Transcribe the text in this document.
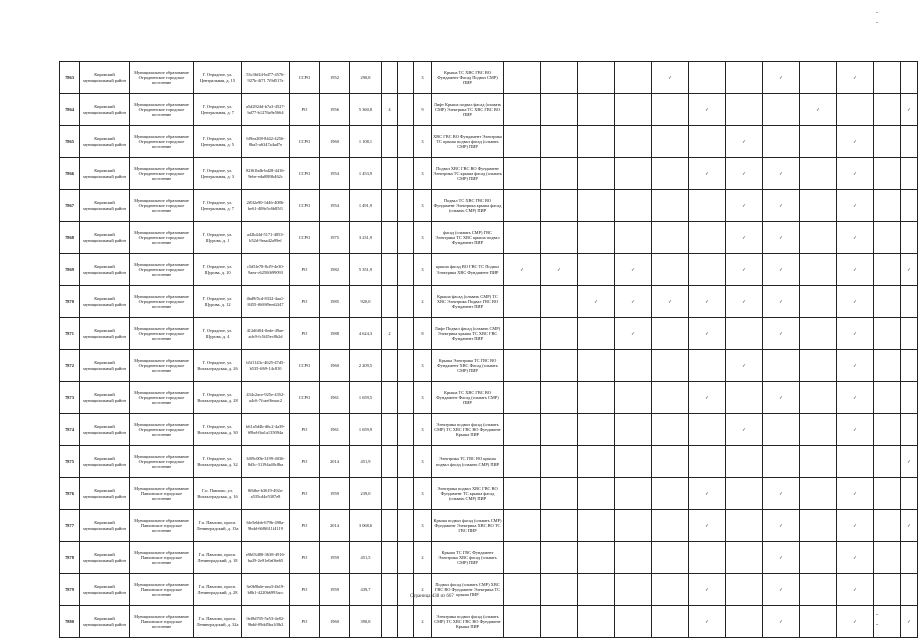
-
-
-
-
7863	Кировский муниципальный район	Муниципальное образование Отрадненское городское поселение	Г. Отрадное, ул. Центральная, д. 15	53c36f44-bd77-4576-927b-4f71 7f9d517e	ССРО	1952	290,8			3	Крыша ТС ХВС ГВС ВО Фундамент Фасад Подвал СМР) ПИР					✓			✓		✓		
7864	Кировский муниципальный район	Муниципальное образование Отрадненское городское поселение	Г. Отрадное, ул. Центральная, д. 7	a5d2924d-b7a3-4527-bd77-b1276a9e5664	РО	1956	5 360,8	4		9	Лифт Крыша подвал фасад (ольвать СМР) Электрика ТС ХВС ГВС ВО ПИР						✓			✓			✓
7865	Кировский муниципальный район	Муниципальное образование Отрадненское городское поселение	Г. Отрадное, ул. Центральная, д. 5	6f9ea208-8442-4256-8ba5-a6347a4ad7e	ССРО	1960	1 108,1			3	ХВС ГВС ВО Фундамент Электрика ТС крыша подвал фасад (ольвать СМР) ПИР							✓			✓		
7866	Кировский муниципальный район	Муниципальное образование Отрадненское городское поселение	Г. Отрадное, ул. Центральная, д. 3	82f61bdb-bd28-4416-9ebe-eda088fb462c	ССРО	1954	1 453,9			3	Подвал ХВС ГВС ВО Фундамент Электрика ТС крыша фасад (ольвать СМР) ПИР						✓	✓	✓		✓		
7867	Кировский муниципальный район	Муниципальное образование Отрадненское городское поселение	Г. Отрадное, ул. Центральная, д. 7	2f0f2e90-1d46-4086-be61-408e5c6b85f1	ССРО	1954	1 491,9			3	Подвал ТС ХВС ГВС ВО Фундамент Электрика крыша фасад (ольвать СМР) ПИР							✓	✓		✓		
7868	Кировский муниципальный район	Муниципальное образование Отрадненское городское поселение	Г. Отрадное, ул. Щурова, д. 1	a42b44d-5171-4853-b52d-9eaa42a99ef	ССРО	1975	3 231,9			3	фасад (ольвать СМР) ГВС Электрика ТС ХВС крыша подвал Фундамент ПИР							✓	✓		✓		
7869	Кировский муниципальный район	Муниципальное образование Отрадненское городское поселение	Г. Отрадное, ул. Щурова, д. 10	c5d5fe78-8cf9-4e30-9aea-c6250f699093	РО	1982	5 351,9			3	крыша фасад ВО ГВС ТС Подвал Электрика ХВС Фундамент ПИР	✓	✓		✓			✓	✓		✓		✓
7870	Кировский муниципальный район	Муниципальное образование Отрадненское городское поселение	Г. Отрадное, ул. Щурова, д. 12	4bd9f5cd-8332-4aa1-8455-f669f9eed2f47	РО	1985	920,0			2	Крыша фасад (ольвать СМР) ТС ХВС Электрика Подвал ГВС ВО Фундамент ПИР			✓	✓	✓	✓	✓	✓		✓		
7871	Кировский муниципальный район	Муниципальное образование Отрадненское городское поселение	Г. Отрадное, ул. Щурова, д. 4	412d6f04-0ede-49ae-adc9-fc5f45ec8b2d	РО	1988	4 624,3	2		8	Лифт Подвал фасад (ольвать СМР) Электрика крыша ТС ХВС ГВС Фундамент ПИР				✓		✓		✓		✓		
7872	Кировский муниципальный район	Муниципальное образование Отрадненское городское поселение	Г. Отрадное, ул. Вокзалградская, д. 26	b5f1143c-4625-47d5-b535-ff69-14c810	ССРО	1960	2 209,5			3	Крыша Электрика ТС ГВС ВО Фундамент ХВС Фасад (ольвать СМР) ПИР							✓			✓		
7873	Кировский муниципальный район	Муниципальное образование Отрадненское городское поселение	Г. Отрадное, ул. Вокзалградская, д. 28	434c2ace-925e-4352-a4c6-7fcaef6eaac2	ССРО	1961	1 659,5			3	Крыша ТС ХВС ГВС ВО Фундамент Фасад (ольвать СМР) ПИР						✓		✓		✓		
7874	Кировский муниципальный район	Муниципальное образование Отрадненское городское поселение	Г. Отрадное, ул. Вокзалградская, д. 30	b61a5d4b-d6c2-4a39-69bd-fba1a135094a	РО	1961	1 659,9			3	Электрика подвал фасад (ольвать СМР) ТС ХВС ГВС ВО Фундамент Крыша ПИР							✓			✓		
7875	Кировский муниципальный район	Муниципальное образование Отрадненское городское поселение	Г. Отрадное, ул. Вокзалградская, д. 32	3f09c00b-3199-4036-8d3c-31194a40c8ba	РО	2014	451,9			3	Электрика ТС ГВС ВО крыша подвал фасад (ольвать СМР) ПИР												✓
7876	Кировский муниципальный район	Муниципальное образование Павловское городское поселение	Г.п. Павлово, ул. Вокзалградская, д. 16	8f6fbe-b3619-492a-a535cd4e5307e8	РО	1959	239,0			3	Электрика подвал ХВС ГВС ВО Фундамент ТС крыша фасад (ольвать СМР) ПИР						✓		✓		✓		
7877	Кировский муниципальный район	Муниципальное образование Павловское городское поселение	Г.п. Павлово, просп. Ленинградский, д. 13а	6fe5ebbb-679b-498a-9bdd-668f611f4119	РО	2014	3 068,6			3	Крыша подвал фасад (ольвать СМР) Фундамент Электрика ХВС ВО ТС ГВС ПИР						✓		✓		✓		✓
7878	Кировский муниципальный район	Муниципальное образование Павловское городское поселение	Г.п. Павлово, просп. Ленинградский, д. 18	e9b03488-3638-4916-ba29-2e91e0a0be65	РО	1959	451,5			2	Крыша ТС ГВС Фундамент Электрика ХВС фасад (ольвать СМР) ПИР								✓		✓		
7879	Кировский муниципальный район	Муниципальное образование Павловское городское поселение	Г.п. Павлово, просп. Ленинградский, д. 28	3e0b9bde-aea3-4b19-b8b1-4220b6993acc	РО	1959	439,7			2	Подвал фасад (ольвать СМР) ХВС ГВС ВО Фундамент Электрика ТС крыша ПИР						✓		✓		✓		
7880	Кировский муниципальный район	Муниципальное образование Павловское городское поселение	Г.п. Павлово, просп. Ленинградский, д. 32а	0ef8d705-5e53-4e82-9bdd-09dd5ba1f0b2	РО	1960	390,8			2	Электрика подвал фасад (ольвать СМР) ТС ХВС ГВС ВО Фундамент Крыша ПИР						✓		✓		✓		✓
Страница 438 из 667
